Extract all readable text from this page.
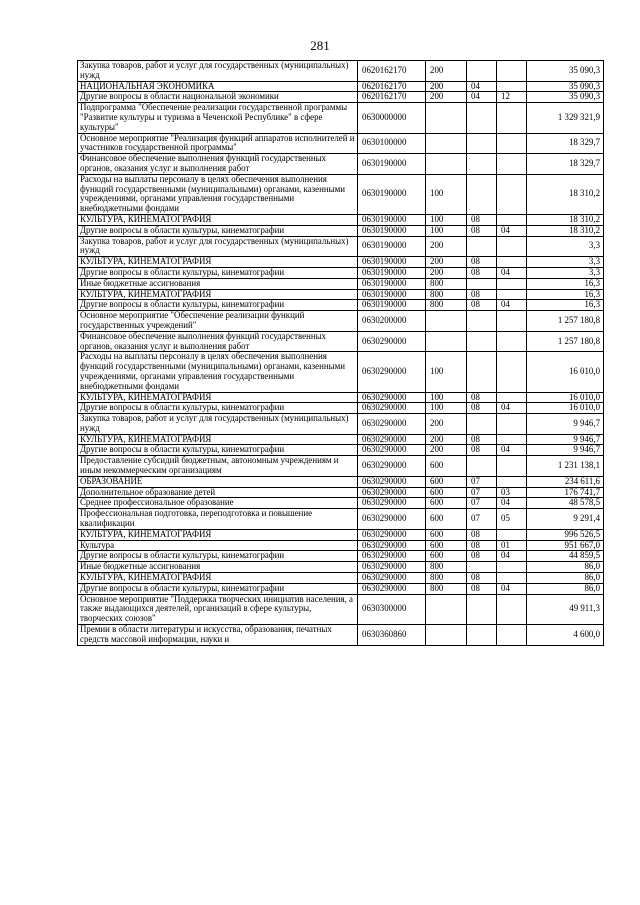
281
Закупка товаров, работ и услуг для государственных (муниципальных) нужд	0620162170	200			35 090,3
НАЦИОНАЛЬНАЯ ЭКОНОМИКА	0620162170	200	04		35 090,3
Другие вопросы в области национальной экономики	0620162170	200	04	12	35 090,3
Подпрограмма "Обеспечение реализации государственной программы "Развитие культуры и туризма в Чеченской Республике" в сфере культуры"	0630000000				1 329 321,9
Основное мероприятие "Реализация функций аппаратов исполнителей и участников государственной программы"	0630100000				18 329,7
Финансовое обеспечение выполнения функций государственных органов, оказания услуг и выполнения работ	0630190000				18 329,7
Расходы на выплаты персоналу в целях обеспечения выполнения функций государственными (муниципальными) органами, казенными учреждениями, органами управления государственными внебюджетными фондами	0630190000	100			18 310,2
КУЛЬТУРА, КИНЕМАТОГРАФИЯ	0630190000	100	08		18 310,2
Другие вопросы в области культуры, кинематографии	0630190000	100	08	04	18 310,2
Закупка товаров, работ и услуг для государственных (муниципальных) нужд	0630190000	200			3,3
КУЛЬТУРА, КИНЕМАТОГРАФИЯ	0630190000	200	08		3,3
Другие вопросы в области культуры, кинематографии	0630190000	200	08	04	3,3
Иные бюджетные ассигнования	0630190000	800			16,3
КУЛЬТУРА, КИНЕМАТОГРАФИЯ	0630190000	800	08		16,3
Другие вопросы в области культуры, кинематографии	0630190000	800	08	04	16,3
Основное мероприятие "Обеспечение реализации функций государственных учреждений"	0630200000				1 257 180,8
Финансовое обеспечение выполнения функций государственных органов, оказания услуг и выполнения работ	0630290000				1 257 180,8
Расходы на выплаты персоналу в целях обеспечения выполнения функций государственными (муниципальными) органами, казенными учреждениями, органами управления государственными внебюджетными фондами	0630290000	100			16 010,0
КУЛЬТУРА, КИНЕМАТОГРАФИЯ	0630290000	100	08		16 010,0
Другие вопросы в области культуры, кинематографии	0630290000	100	08	04	16 010,0
Закупка товаров, работ и услуг для государственных (муниципальных) нужд	0630290000	200			9 946,7
КУЛЬТУРА, КИНЕМАТОГРАФИЯ	0630290000	200	08		9 946,7
Другие вопросы в области культуры, кинематографии	0630290000	200	08	04	9 946,7
Предоставление субсидий бюджетным, автономным учреждениям и иным некоммерческим организациям	0630290000	600			1 231 138,1
ОБРАЗОВАНИЕ	0630290000	600	07		234 611,6
Дополнительное образование детей	0630290000	600	07	03	176 741,7
Среднее профессиональное образование	0630290000	600	07	04	48 578,5
Профессиональная подготовка, переподготовка и повышение квалификации	0630290000	600	07	05	9 291,4
КУЛЬТУРА, КИНЕМАТОГРАФИЯ	0630290000	600	08		996 526,5
Культура	0630290000	600	08	01	951 667,0
Другие вопросы в области культуры, кинематографии	0630290000	600	08	04	44 859,5
Иные бюджетные ассигнования	0630290000	800			86,0
КУЛЬТУРА, КИНЕМАТОГРАФИЯ	0630290000	800	08		86,0
Другие вопросы в области культуры, кинематографии	0630290000	800	08	04	86,0
Основное мероприятие "Поддержка творческих инициатив населения, а также выдающихся деятелей, организаций в сфере культуры, творческих союзов"	0630300000				49 911,3
Премии в области литературы и искусства, образования, печатных средств массовой информации, науки и	0630360860				4 600,0
